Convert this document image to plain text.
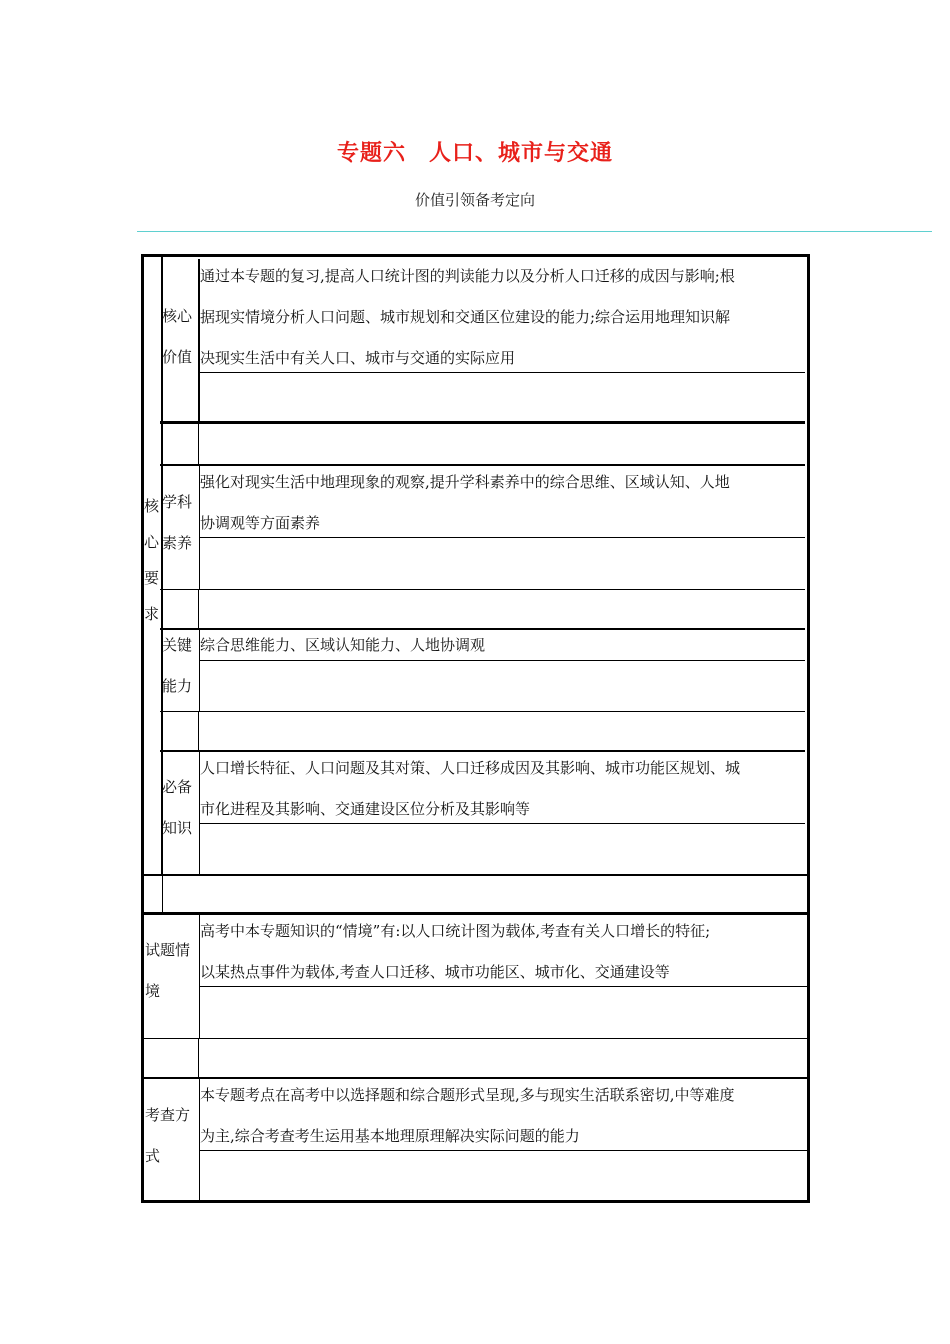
专题六　人口、城市与交通
价值引领备考定向
核
心
要
求
核心
价值
通过本专题的复习,提高人口统计图的判读能力以及分析人口迁移的成因与影响;根
据现实情境分析人口问题、城市规划和交通区位建设的能力;综合运用地理知识解
决现实生活中有关人口、城市与交通的实际应用
学科
素养
强化对现实生活中地理现象的观察,提升学科素养中的综合思维、区域认知、人地
协调观等方面素养
关键
能力
综合思维能力、区域认知能力、人地协调观
必备
知识
人口增长特征、人口问题及其对策、人口迁移成因及其影响、城市功能区规划、城
市化进程及其影响、交通建设区位分析及其影响等
试题情
境
高考中本专题知识的“情境”有:以人口统计图为载体,考查有关人口增长的特征;
以某热点事件为载体,考查人口迁移、城市功能区、城市化、交通建设等
考查方
式
本专题考点在高考中以选择题和综合题形式呈现,多与现实生活联系密切,中等难度
为主,综合考查考生运用基本地理原理解决实际问题的能力
